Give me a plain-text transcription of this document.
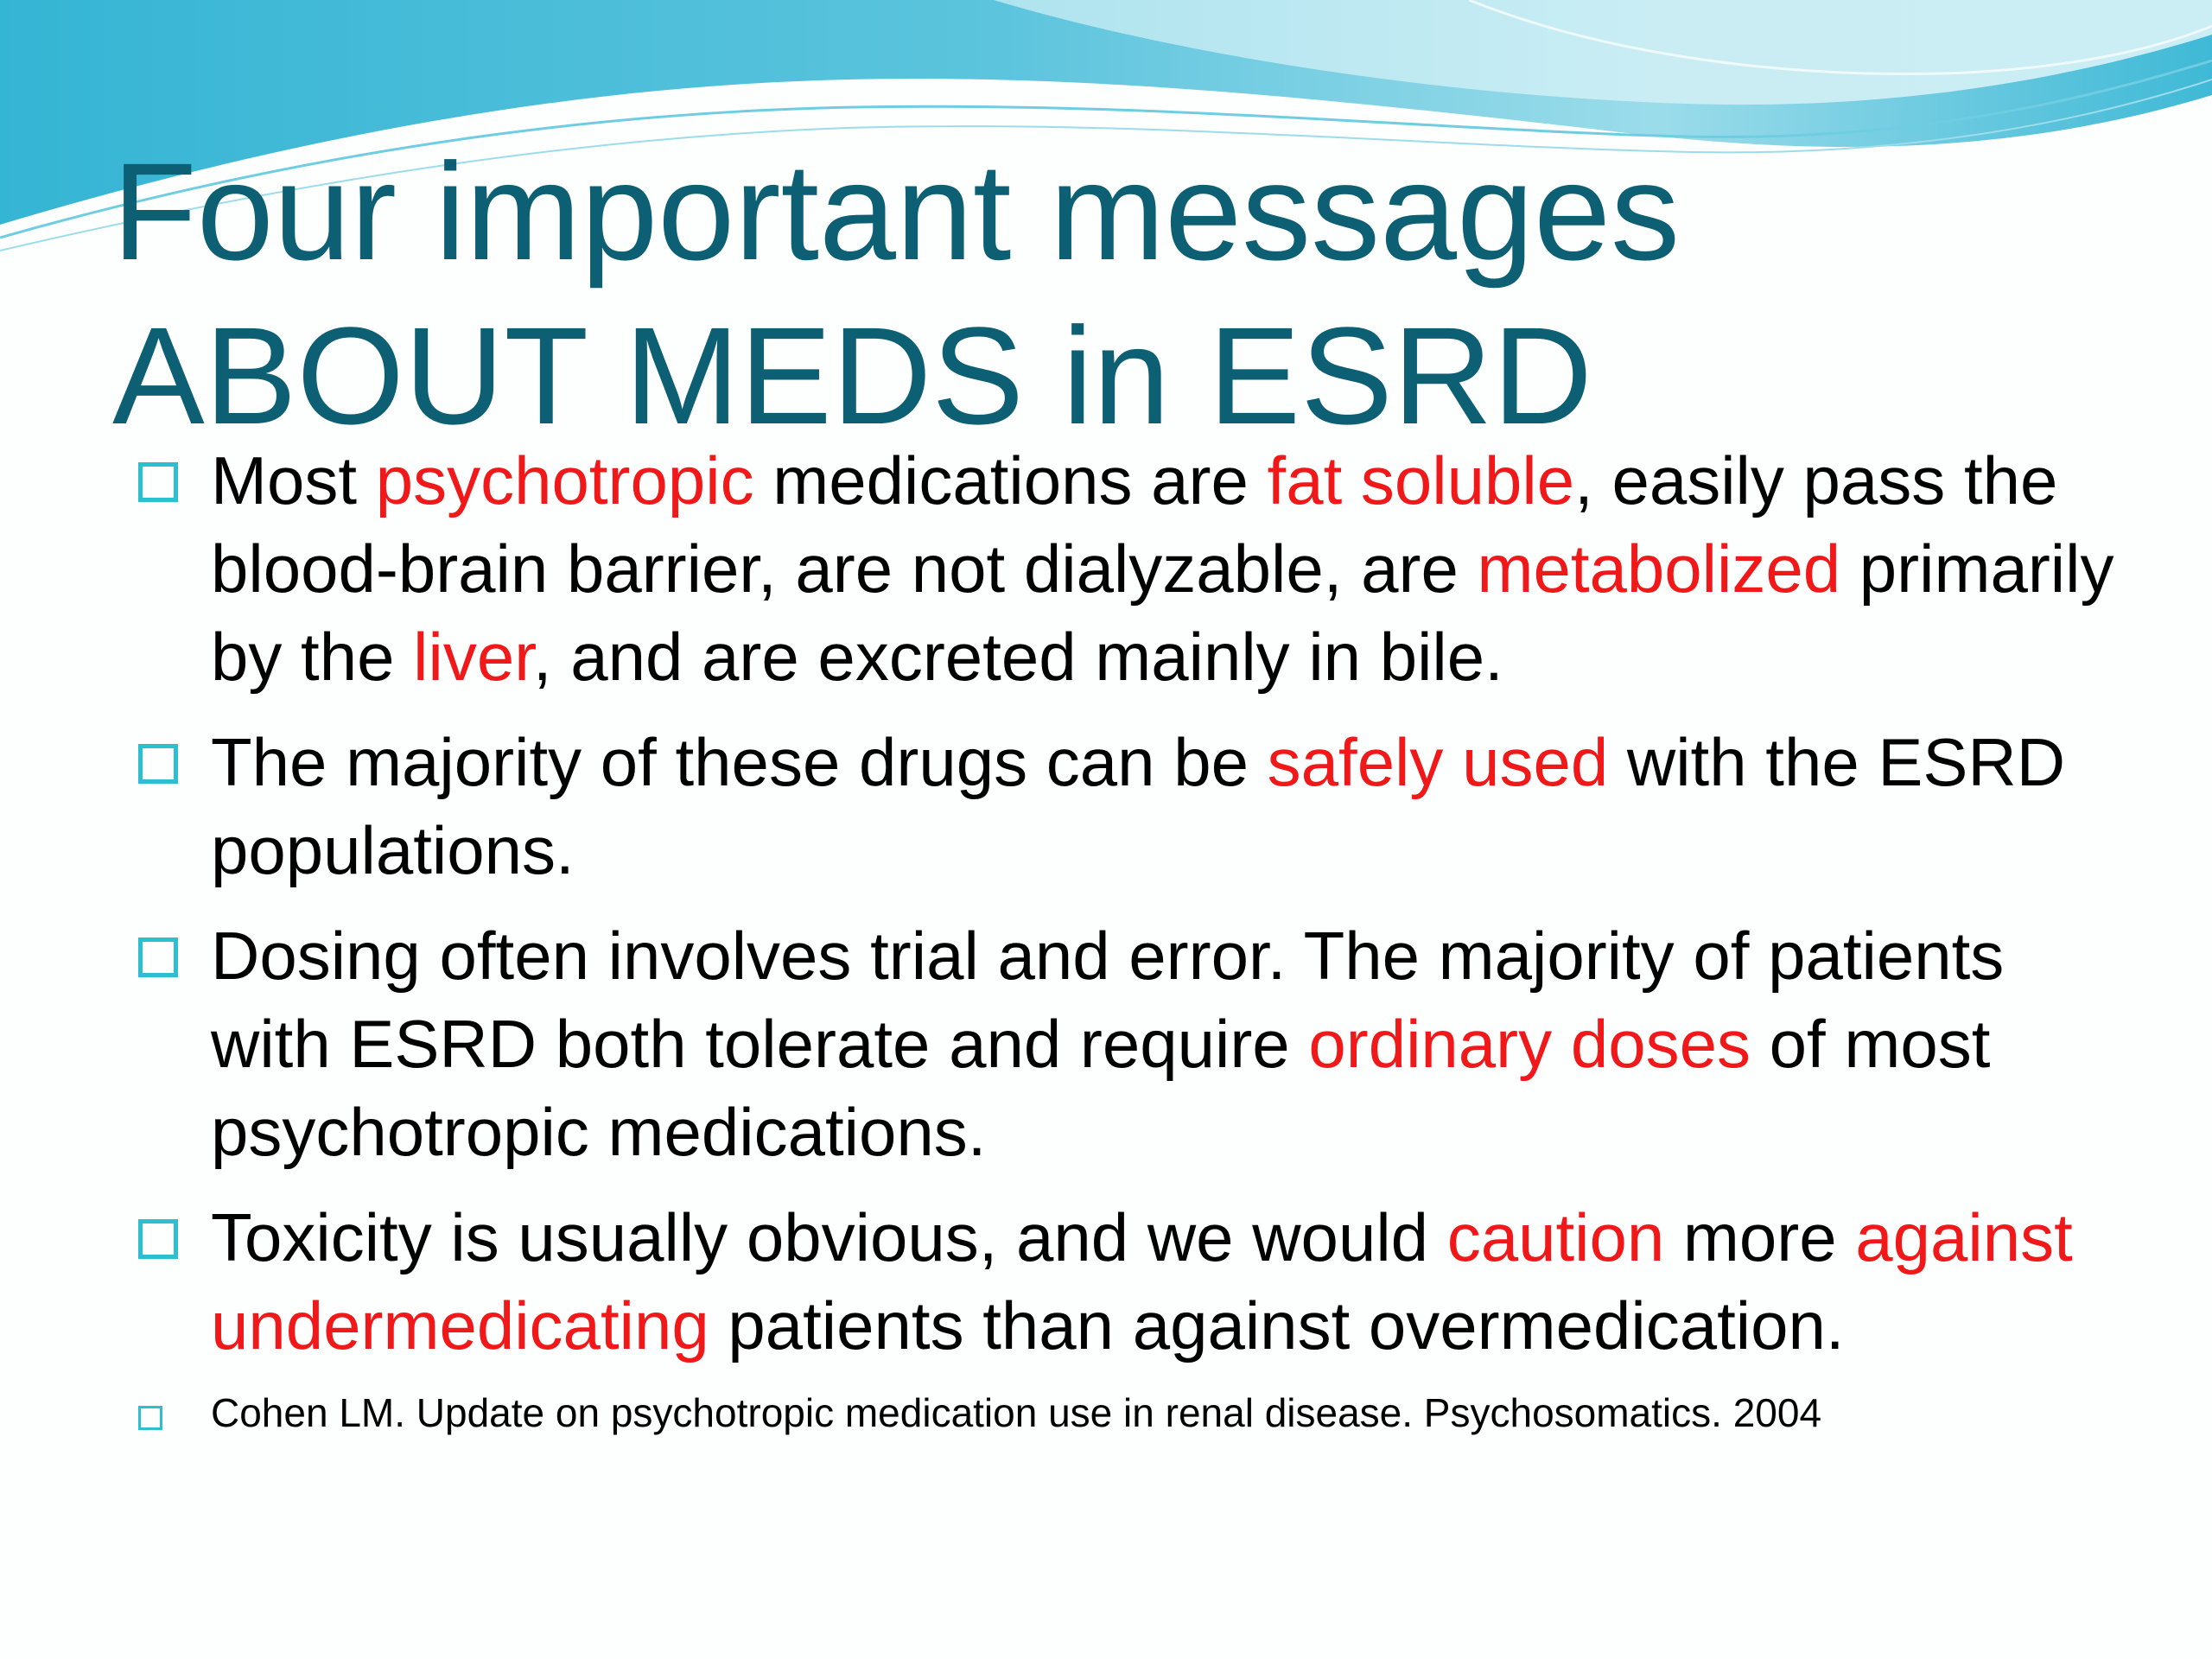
Four important messages
ABOUT MEDS in ESRD
Most psychotropic medications are fat soluble, easily pass the blood-brain barrier, are not dialyzable, are metabolized primarily by the liver, and are excreted mainly in bile.
The majority of these drugs can be safely used with the ESRD populations.
Dosing often involves trial and error. The majority of patients with ESRD both tolerate and require ordinary doses of most psychotropic medications.
Toxicity is usually obvious, and we would caution more against undermedicating patients than against overmedication.
Cohen LM. Update on psychotropic medication use in renal disease. Psychosomatics. 2004
